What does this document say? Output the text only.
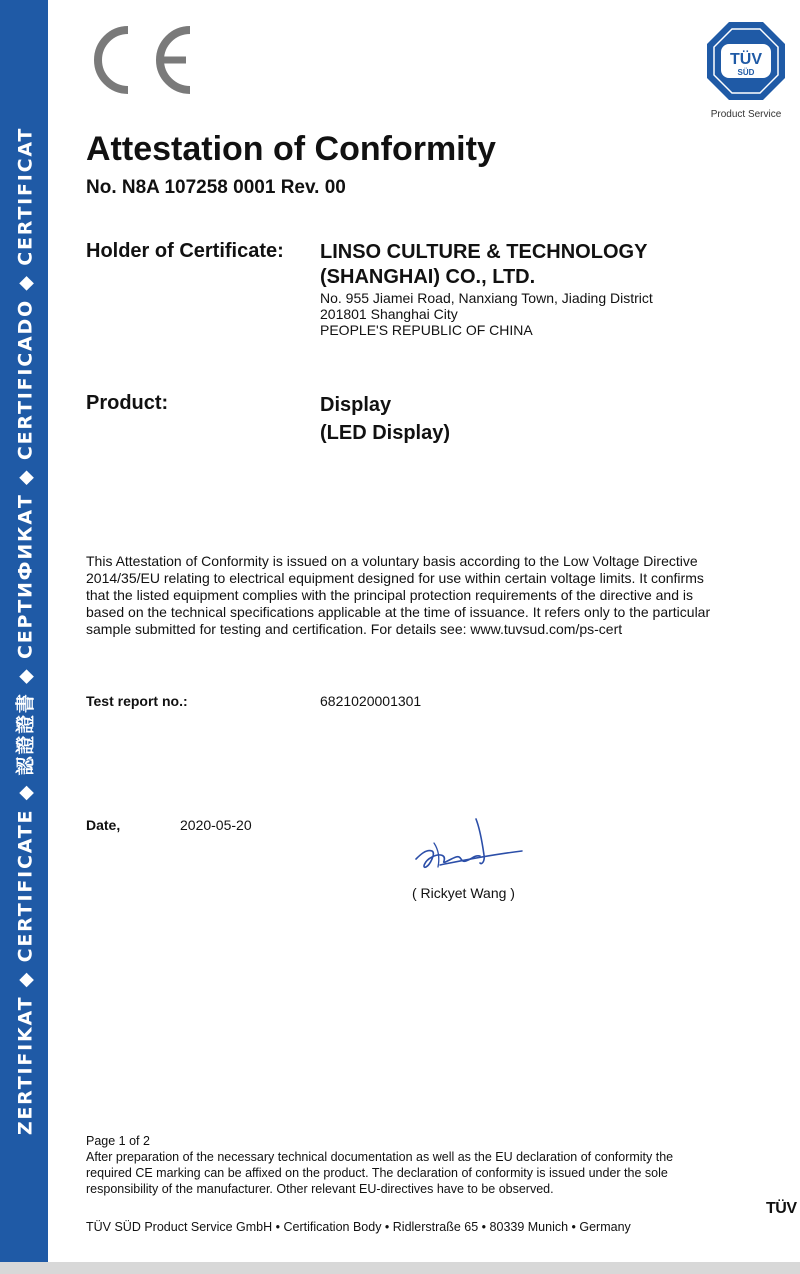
ZERTIFIKAT ◆ CERTIFICATE ◆ 認證證書 ◆ СЕРТИФИКАТ ◆ CERTIFICADO ◆ CERTIFICAT
TÜV
SÜD
Product Service
Attestation of Conformity
No. N8A 107258 0001 Rev. 00
Holder of Certificate: LINSO CULTURE & TECHNOLOGY
(SHANGHAI) CO., LTD.
No. 955 Jiamei Road, Nanxiang Town, Jiading District
201801 Shanghai City
PEOPLE'S REPUBLIC OF CHINA
Product:	Display
(LED Display)
This Attestation of Conformity is issued on a voluntary basis according to the Low Voltage Directive
2014/35/EU relating to electrical equipment designed for use within certain voltage limits. It confirms
that the listed equipment complies with the principal protection requirements of the directive and is
based on the technical specifications applicable at the time of issuance. It refers only to the particular
sample submitted for testing and certification. For details see: www.tuvsud.com/ps-cert
Test report no.:	6821020001301
Date,	2020-05-20
( Rickyet Wang )
Page 1 of 2
After preparation of the necessary technical documentation as well as the EU declaration of conformity the
required CE marking can be affixed on the product. The declaration of conformity is issued under the sole
responsibility of the manufacturer. Other relevant EU-directives have to be observed.
TÜV SÜD Product Service GmbH • Certification Body • Ridlerstraße 65 • 80339 Munich • Germany
TÜV
